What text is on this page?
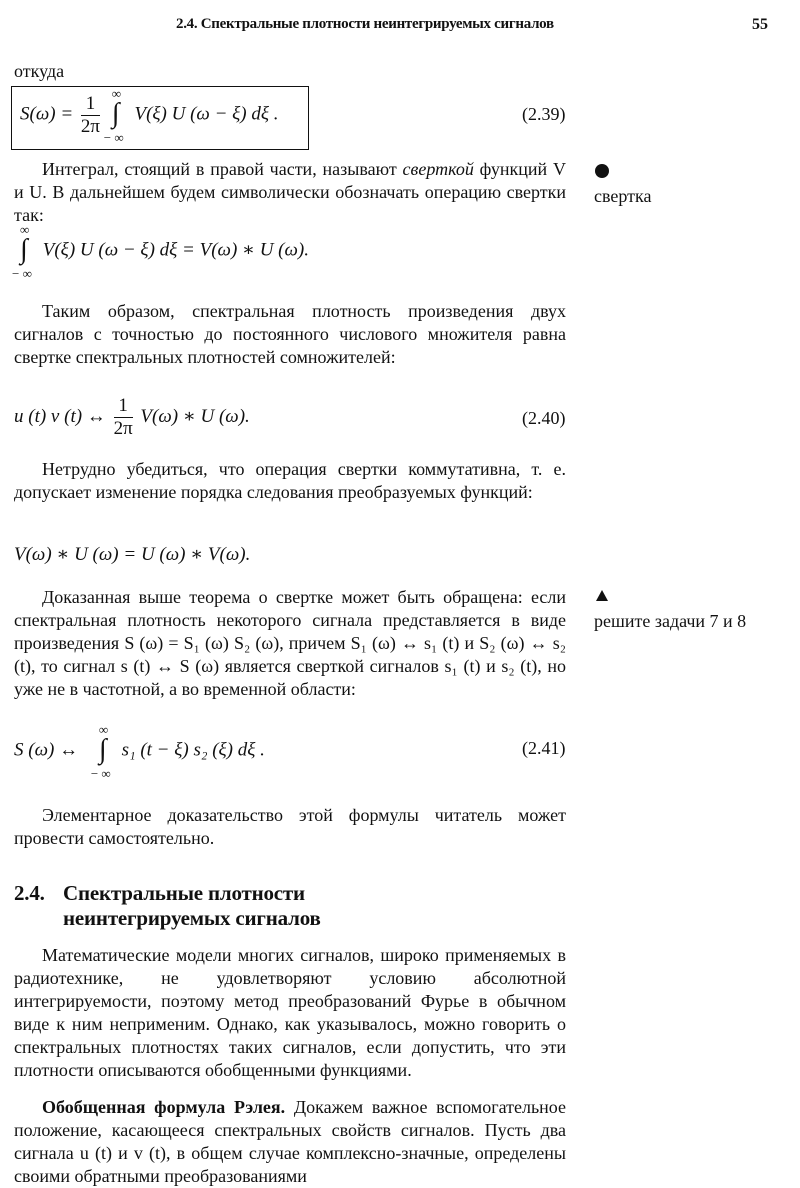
2.4. Спектральные плотности неинтегрируемых сигналов	55
откуда
$S(\omega) = \frac{1}{2\pi}$
∞
∫
− ∞
V(ξ) U (ω − ξ) dξ .	(2.39)
Интеграл, стоящий в правой части, называют сверткой функций V и U. В дальнейшем будем символически обозначать операцию свертки так:
свертка
∞
∫
− ∞
V(ξ) U (ω − ξ) dξ = V(ω) ∗ U (ω).
Таким образом, спектральная плотность произведения двух сигналов с точностью до постоянного числового множителя равна свертке спектральных плотностей сомножителей:
u (t) v (t) ↔ $\frac{1}{2\pi} V(\omega)$ ∗ U (ω).	(2.40)
Нетрудно убедиться, что операция свертки коммутативна, т. е. допускает изменение порядка следования преобразуемых функций:
V(ω) ∗ U (ω) = U (ω) ∗ V(ω).
Доказанная выше теорема о свертке может быть обращена: если спектральная плотность некоторого сигнала представляется в виде произведения S (ω) = S₁ (ω) S₂ (ω), причем S₁ (ω) ↔ s₁ (t) и S₂ (ω) ↔ s₂ (t), то сигнал s (t) ↔ S (ω) является сверткой сигналов s₁ (t) и s₂ (t), но уже не в частотной, а во временной области:
решите задачи 7 и 8
S (ω) ↔
∞
∫
− ∞
s₁ (t − ξ) s₂ (ξ) dξ .	(2.41)
Элементарное доказательство этой формулы читатель может провести самостоятельно.
2.4. Спектральные плотности
неинтегрируемых сигналов
Математические модели многих сигналов, широко применяемых в радиотехнике, не удовлетворяют условию абсолютной интегрируемости, поэтому метод преобразований Фурье в обычном виде к ним неприменим. Однако, как указывалось, можно говорить о спектральных плотностях таких сигналов, если допустить, что эти плотности описываются обобщенными функциями.
Обобщенная формула Рэлея. Докажем важное вспомогательное положение, касающееся спектральных свойств сигналов. Пусть два сигнала u (t) и v (t), в общем случае комплексно-значные, определены своими обратными преобразованиями
